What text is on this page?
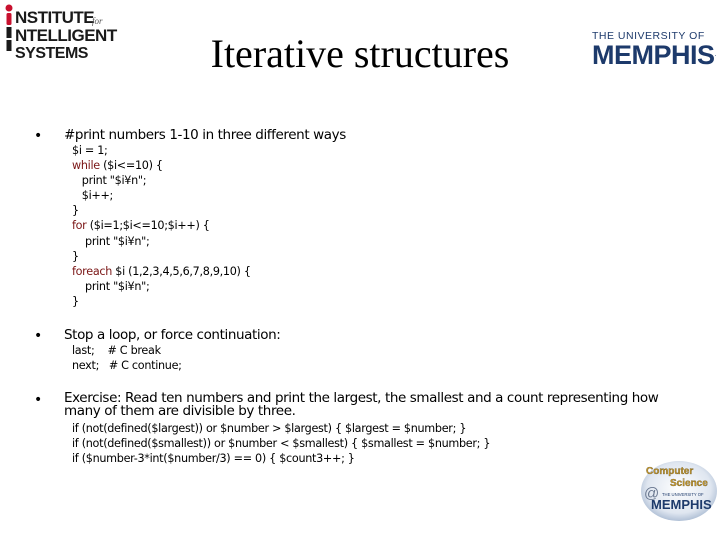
NSTITUTE
for
NTELLIGENT
SYSTEMS	Iterative structures	THE UNIVERSITY OF
MEMPHIS.
• #print numbers 1-10 in three different ways
$i = 1;
while ($i<=10) {
print "$i¥n";
$i++;
}
for ($i=1;$i<=10;$i++) {
print "$i¥n";
}
foreach $i (1,2,3,4,5,6,7,8,9,10) {
print "$i¥n";
}
• Stop a loop, or force continuation:
last;    # C break
next;   # C continue;
• Exercise: Read ten numbers and print the largest, the smallest and a count representing how many of them are divisible by three.
if (not(defined($largest)) or $number > $largest) { $largest = $number; }
if (not(defined($smallest)) or $number < $smallest) { $smallest = $number; }
if ($number-3*int($number/3) == 0) { $count3++; }
Computer
Science
@ THE UNIVERSITY OF
MEMPHIS
